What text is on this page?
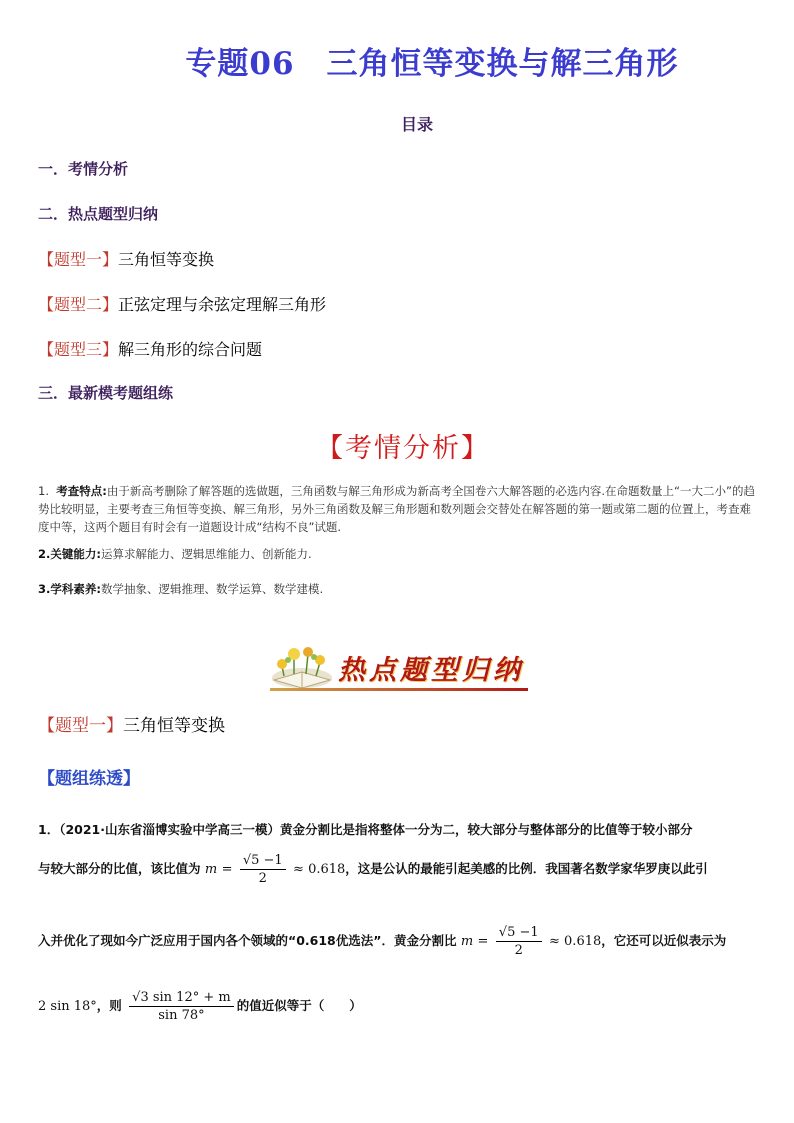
专题06　三角恒等变换与解三角形
目录
一．考情分析
二．热点题型归纳
【题型一】三角恒等变换
【题型二】正弦定理与余弦定理解三角形
【题型三】解三角形的综合问题
三．最新模考题组练
【考情分析】
1. 考查特点:由于新高考删除了解答题的选做题，三角函数与解三角形成为新高考全国卷六大解答题的必选内容.在命题数量上“一大二小”的趋势比较明显，主要考查三角恒等变换、解三角形，另外三角函数及解三角形题和数列题会交替处在解答题的第一题或第二题的位置上，考查难度中等，这两个题目有时会有一道题设计成“结构不良”试题.
2.关键能力:运算求解能力、逻辑思维能力、创新能力.
3.学科素养:数学抽象、逻辑推理、数学运算、数学建模.
热点题型归纳
【题型一】三角恒等变换
【题组练透】
1．（2021·山东省淄博实验中学高三一模）黄金分割比是指将整体一分为二，较大部分与整体部分的比值等于较小部分
与较大部分的比值，该比值为 $m = \frac{√5 -1}{2} \approx 0.618$，这是公认的最能引起美感的比例．我国著名数学家华罗庚以此引
入并优化了现如今广泛应用于国内各个领域的“0.618优选法”．黄金分割比 $m = \frac{√5 -1}{2} \approx 0.618$，它还可以近似表示为
2 sin 18°，则 $\frac{√3 \sin 12^\circ + m}{\sin 78^\circ}$ 的值近似等于（　　）
